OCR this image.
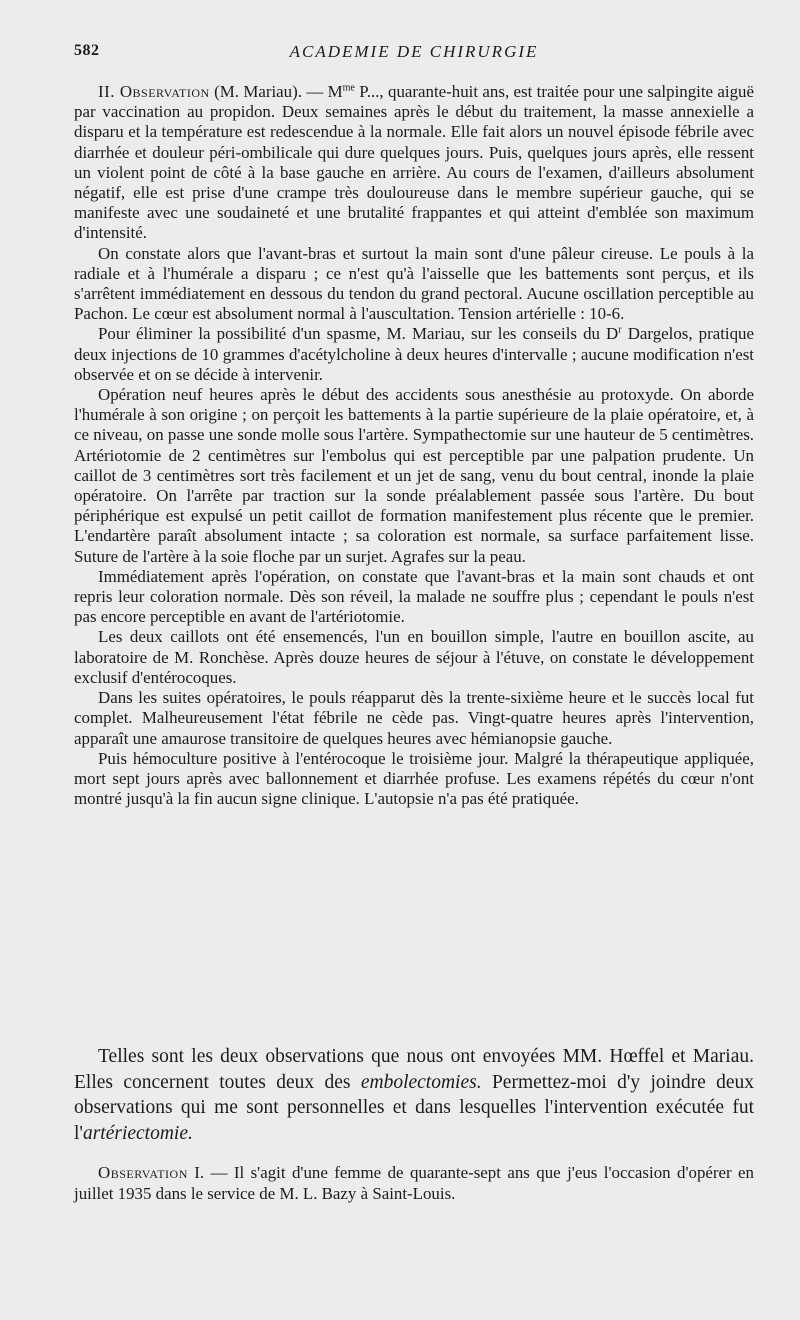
582	ACADEMIE DE CHIRURGIE

II. Observation (M. Mariau). — $M^{me}$ P..., quarante-huit ans, est traitée pour une salpingite aiguë par vaccination au propidon. Deux semaines après le début du traitement, la masse annexielle a disparu et la température est redescendue à la normale. Elle fait alors un nouvel épisode fébrile avec diarrhée et douleur péri-ombilicale qui dure quelques jours. Puis, quelques jours après, elle ressent un violent point de côté à la base gauche en arrière. Au cours de l'examen, d'ailleurs absolument négatif, elle est prise d'une crampe très douloureuse dans le membre supérieur gauche, qui se manifeste avec une soudaineté et une brutalité frappantes et qui atteint d'emblée son maximum d'intensité.

On constate alors que l'avant-bras et surtout la main sont d'une pâleur cireuse. Le pouls à la radiale et à l'humérale a disparu ; ce n'est qu'à l'aisselle que les battements sont perçus, et ils s'arrêtent immédiatement en dessous du tendon du grand pectoral. Aucune oscillation perceptible au Pachon. Le cœur est absolument normal à l'auscultation. Tension artérielle : 10-6.

Pour éliminer la possibilité d'un spasme, M. Mariau, sur les conseils du $D^r$ Dargelos, pratique deux injections de 10 grammes d'acétylcholine à deux heures d'intervalle ; aucune modification n'est observée et on se décide à intervenir.

Opération neuf heures après le début des accidents sous anesthésie au protoxyde. On aborde l'humérale à son origine ; on perçoit les battements à la partie supérieure de la plaie opératoire, et, à ce niveau, on passe une sonde molle sous l'artère. Sympathectomie sur une hauteur de 5 centimètres. Artériotomie de 2 centimètres sur l'embolus qui est perceptible par une palpation prudente. Un caillot de 3 centimètres sort très facilement et un jet de sang, venu du bout central, inonde la plaie opératoire. On l'arrête par traction sur la sonde préalablement passée sous l'artère. Du bout périphérique est expulsé un petit caillot de formation manifestement plus récente que le premier. L'endartère paraît absolument intacte ; sa coloration est normale, sa surface parfaitement lisse. Suture de l'artère à la soie floche par un surjet. Agrafes sur la peau.

Immédiatement après l'opération, on constate que l'avant-bras et la main sont chauds et ont repris leur coloration normale. Dès son réveil, la malade ne souffre plus ; cependant le pouls n'est pas encore perceptible en avant de l'artériotomie.

Les deux caillots ont été ensemencés, l'un en bouillon simple, l'autre en bouillon ascite, au laboratoire de M. Ronchèse. Après douze heures de séjour à l'étuve, on constate le développement exclusif d'entérocoques.

Dans les suites opératoires, le pouls réapparut dès la trente-sixième heure et le succès local fut complet. Malheureusement l'état fébrile ne cède pas. Vingt-quatre heures après l'intervention, apparaît une amaurose transitoire de quelques heures avec hémianopsie gauche.

Puis hémoculture positive à l'entérocoque le troisième jour. Malgré la thérapeutique appliquée, mort sept jours après avec ballonnement et diarrhée profuse. Les examens répétés du cœur n'ont montré jusqu'à la fin aucun signe clinique. L'autopsie n'a pas été pratiquée.

Telles sont les deux observations que nous ont envoyées MM. Hœffel et Mariau. Elles concernent toutes deux des embolectomies. Permettez-moi d'y joindre deux observations qui me sont personnelles et dans lesquelles l'intervention exécutée fut l'artériectomie.

Observation I. — Il s'agit d'une femme de quarante-sept ans que j'eus l'occasion d'opérer en juillet 1935 dans le service de M. L. Bazy à Saint-Louis.
